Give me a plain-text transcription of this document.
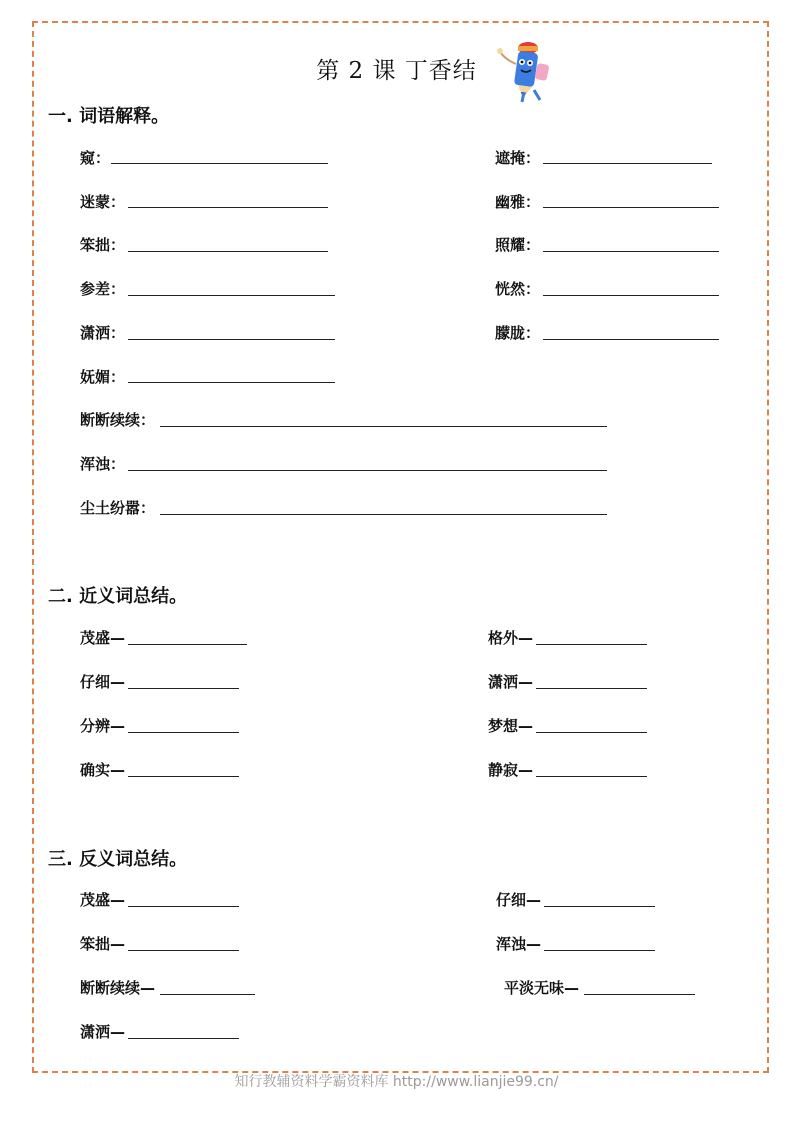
第 2 课 丁香结
一. 词语解释。
窥：	遮掩：
迷蒙：	幽雅：
笨拙：	照耀：
参差：	恍然：
潇洒：	朦胧：
妩媚：
断断续续：
浑浊：
尘土纷嚣：
二. 近义词总结。
茂盛—	格外—
仔细—	潇洒—
分辨—	梦想—
确实—	静寂—
三. 反义词总结。
茂盛—	仔细—
笨拙—	浑浊—
断断续续—	平淡无味—
潇洒—
知行教辅资料学霸资料库 http://www.lianjie99.cn/
